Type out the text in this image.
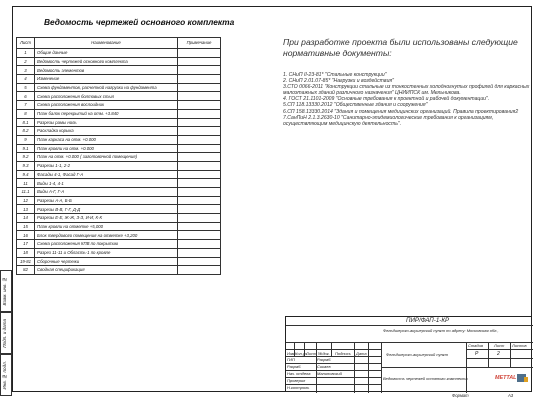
Взам. инв. №
Подп. и дата
Инв. № подл.
Ведомость чертежей основного комплекта
Лист	Наименование	Примечание
1	Общие данные	
2	Ведомость чертежей основного комплекта	
3	Ведомость элементов	
4	Изменение	
5	Схема фундаментов, расчетной нагрузки на фундамента	
6	Схема расположения болтовых стыл	
7	Схема расположения вослоидник	
8	План балок перекрытий на отм. +3.840	
8.1	Разрезы рамы ноль	
8.2	Раскладка корыка	
9	План каркаса на отм. +0.000	
9.1	План кровли на отм. +0.000	
9.2	План на отм. +0.000 ( заготовочной помещения)	
9.3	Разрезы 1-1, 2-2	
9.4	Фасады 4-1, Фасад Г-А	
11	Виды 1-4, 4-1	
11.1	Виды А-Г, Г-А	
12	Разрезы А-А, Б-Б	
13	Разрезы В-В, Г-Г, Д-Д	
14	Разрезы Е-Е, Ж-Ж, З-З, И-И, К-К	
15	План кровли на отметке +5,000	
16	Блок твердового помещения на отметке +3,200	
17	Схема расположения КПВ по покрытию	
18	Разрез 11-11 и Область-1 по кровле	
19-81	Сборочные чертежи	
82	Сводная спецификация	
При разработке проекта были использованы следующие нормативные документы:
1. СНиП II-23-81* "Стальные конструкции"
2. СНиП 2.01.07-85* "Нагрузки и воздействия"
3.СТО 0066-2011 "Конструкции стальные из тонкостенных холодногнутых профилей для каркасных малоэтажных зданий различного назначения" ЦНИИПСК им. Мельникова.
4. ГОСТ 21.1101-2009 "Основные требования к проектной и рабочей документации".
5.СП 118.13330.2012 "Общественные здания и сооружения"
6.СП 158.13330.2014 "Здания и помещения медицинских организаций. Правила проектирования2
7.СанПиН 2.1.3.2630-10 "Санитарно-эпидемиологические требования к организациям, осуществляющим медицинскую деятельность".
ПИР/ФАП-1-КР
Фельдшерско-акушерский пункт по адресу: Московская обл.,
Изм. Кол.уч.
Лист №док. Подпись Дата
ГИП
Разраб.
Нач. отдела
Проверил
Н.контроль
Разраб.
Сикаев
Малиновский
Фельдшерско-акушерский пункт
Ведомость чертежей основного комплекта
Стадия	Лист Листов
Р	2
METTAL
Формат	A3
